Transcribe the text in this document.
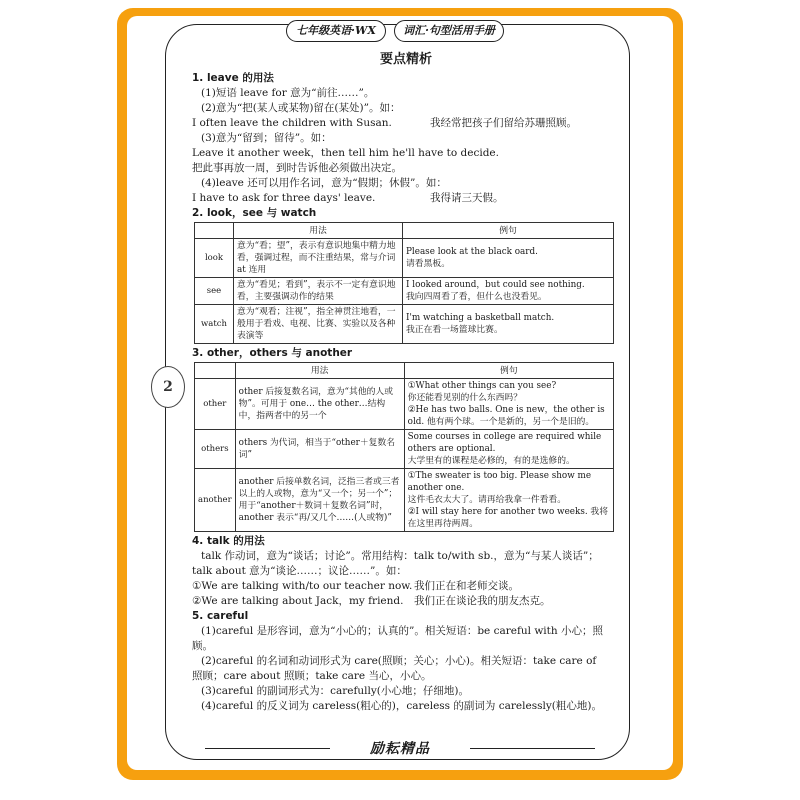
七年级英语·WX	词汇·句型活用手册
2
励耘精品
要点精析
1. leave 的用法
(1)短语 leave for 意为“前往……”。
(2)意为“把(某人或某物)留在(某处)”。如：
I often leave the children with Susan.	我经常把孩子们留给苏珊照顾。
(3)意为“留到；留待”。如：
Leave it another week，then tell him he'll have to decide.
把此事再放一周，到时告诉他必须做出决定。
(4)leave 还可以用作名词，意为“假期；休假”。如：
I have to ask for three days' leave.	我得请三天假。
2. look，see 与 watch
	用法	例句
look	意为“看；望”，表示有意识地集中精力地看，强调过程，而不注重结果，常与介词 at 连用	Please look at the black oard.

请看黑板。

see	意为“看见；看到”，表示不一定有意识地看，主要强调动作的结果	I looked around，but could see nothing.

我向四周看了看，但什么也没看见。

watch	意为“观看；注视”，指全神贯注地看，一般用于看戏、电视、比赛、实验以及各种表演等	I'm watching a basketball match.

我正在看一场篮球比赛。

3. other，others 与 another
	用法	例句
other	other 后接复数名词，意为“其他的人或物”。可用于 one… the other…结构中，指两者中的另一个	①What other things can you see?

你还能看见别的什么东西吗？

②He has two balls. One is new，the other is old. 他有两个球。一个是新的，另一个是旧的。

others	others 为代词，相当于“other＋复数名词”	Some courses in college are required while others are optional.

大学里有的课程是必修的，有的是选修的。

another	another 后接单数名词，泛指三者或三者以上的人或物，意为“又一个；另一个”；用于“another＋数词＋复数名词”时，another 表示“再/又几个……(人或物)”	①The sweater is too big. Please show me another one.

这件毛衣太大了。请再给我拿一件看看。

②I will stay here for another two weeks. 我将在这里再待两周。

4. talk 的用法
talk 作动词，意为“谈话；讨论”。常用结构：talk to/with sb.，意为“与某人谈话”；
talk about 意为“谈论……；议论……”。如：
①We are talking with/to our teacher now. 我们正在和老师交谈。
②We are talking about Jack，my friend.	我们正在谈论我的朋友杰克。
5. careful
(1)careful 是形容词，意为“小心的；认真的”。相关短语：be careful with 小心；照
顾。
(2)careful 的名词和动词形式为 care(照顾；关心；小心)。相关短语：take care of
照顾；care about 照顾；take care 当心，小心。
(3)careful 的副词形式为：carefully(小心地；仔细地)。
(4)careful 的反义词为 careless(粗心的)，careless 的副词为 carelessly(粗心地)。
